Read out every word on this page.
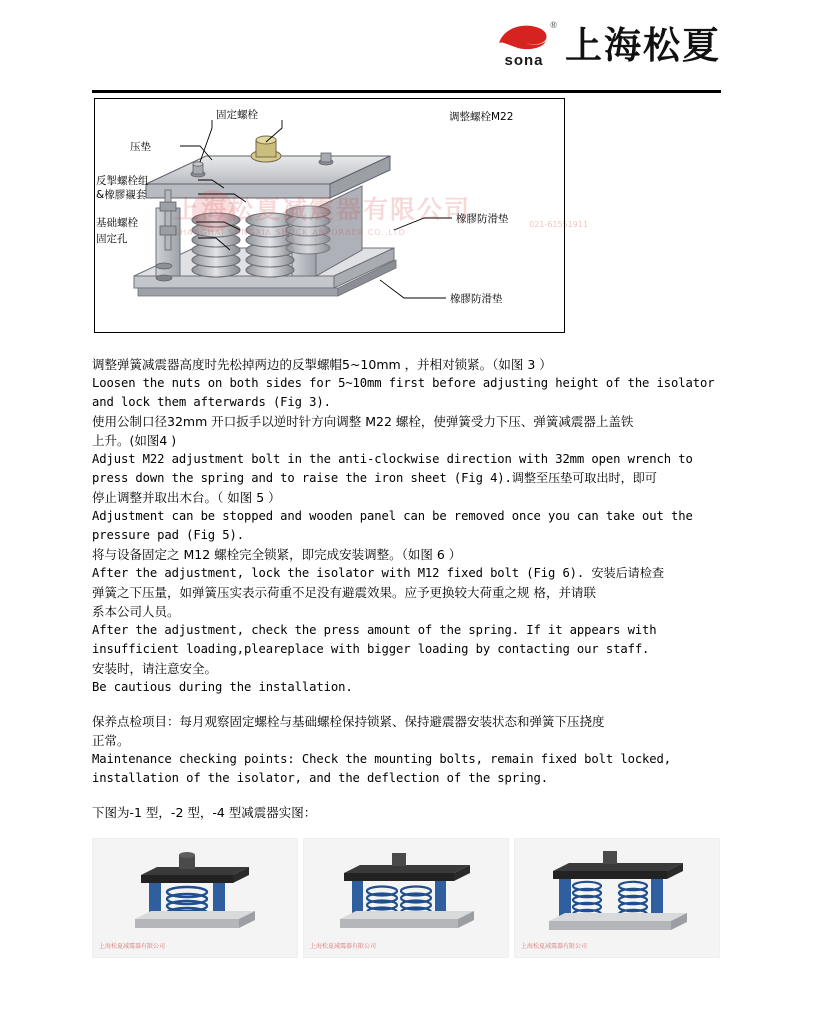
®
sona 上海松夏
固定螺栓	调整螺栓M22
压垫
反掣螺栓组
&橡膠襯套
基础螺栓
固定孔
橡膠防滑垫
橡膠防滑垫
上海松夏减震器有限公司
SHANGHAI SONGXIA SHOCK ABSORBER CO.,LTD
021-61551911

调整弹簧减震器高度时先松掉两边的反掣螺帽5~10mm ，并相对锁紧。（如图 3 ）

Loosen the nuts on both sides for 5~10mm first before adjusting height of the isolator

and lock them afterwards (Fig 3).

使用公制口径32mm 开口扳手以逆时针方向调整 M22 螺栓，使弹簧受力下压、弹簧减震器上盖铁

上升。(如图4 )

Adjust M22 adjustment bolt in the anti-clockwise direction with 32mm open wrench to

press down the spring and to raise the iron sheet (Fig 4).调整至压垫可取出时，即可

停止调整并取出木台。（ 如图 5 ）

Adjustment can be stopped and wooden panel can be removed once you can take out the

pressure pad (Fig 5).

将与设备固定之 M12 螺栓完全锁紧，即完成安装调整。（如图 6 ）

After the adjustment, lock the isolator with M12 fixed bolt (Fig 6). 安装后请检查

弹簧之下压量，如弹簧压实表示荷重不足没有避震效果。应予更换较大荷重之规 格，并请联

系本公司人员。

After the adjustment, check the press amount of the spring. If it appears with

insufficient loading,pleareplace with bigger loading by contacting our staff.

安装时，请注意安全。

Be cautious during the installation.

保养点检项目：每月观察固定螺栓与基础螺栓保持锁紧、保持避震器安装状态和弹簧下压挠度

正常。

Maintenance checking points: Check the mounting bolts, remain fixed bolt locked,

installation of the isolator, and the deflection of the spring.

下图为-1 型，-2 型，-4 型减震器实图：

上海松夏减震器有限公司	上海松夏减震器有限公司	上海松夏减震器有限公司
